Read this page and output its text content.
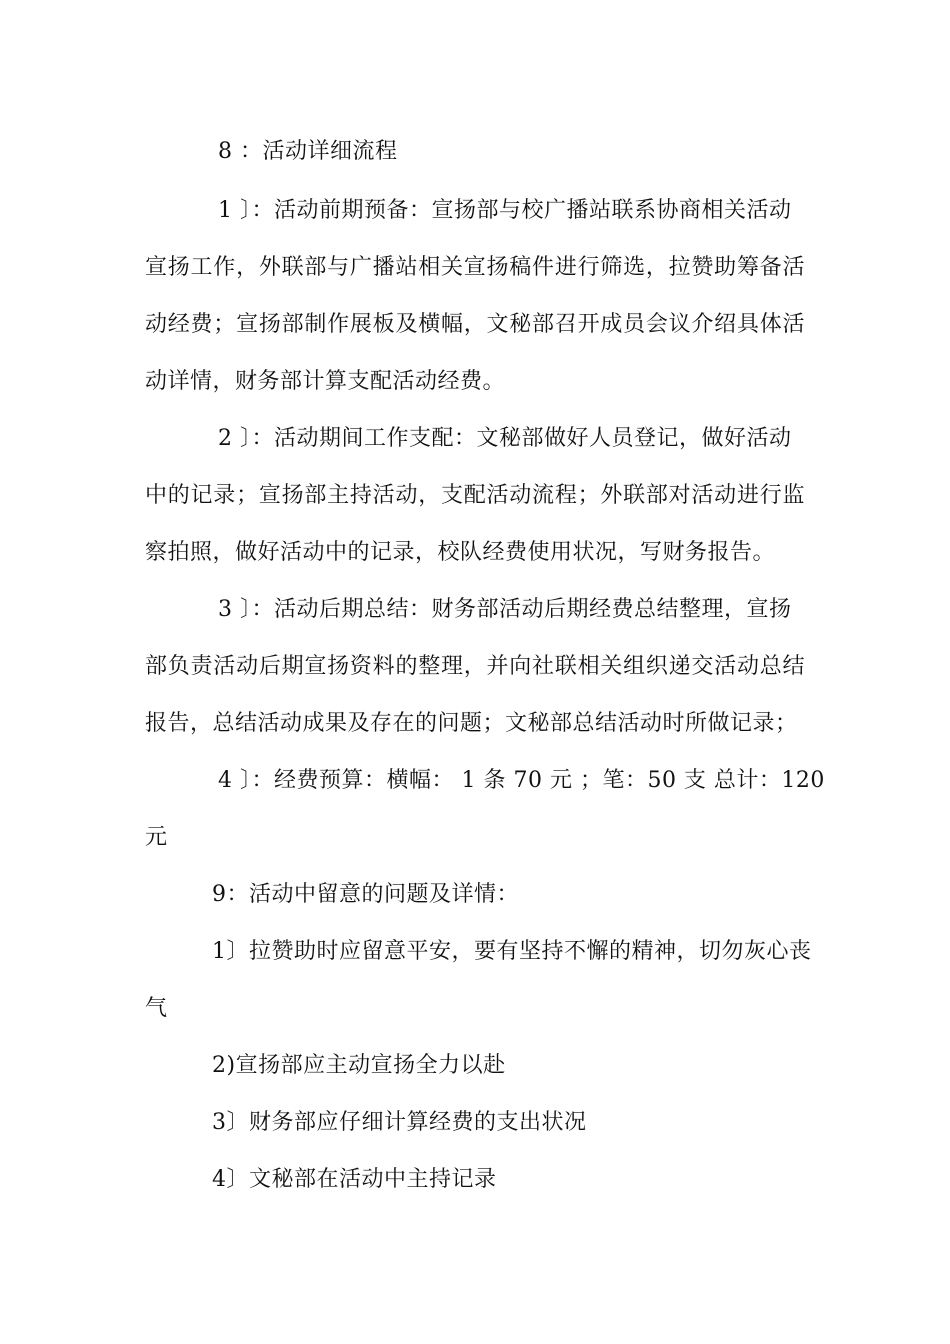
8 ：活动详细流程
1 〕：活动前期预备：宣扬部与校广播站联系协商相关活动
宣扬工作，外联部与广播站相关宣扬稿件进行筛选，拉赞助筹备活
动经费；宣扬部制作展板及横幅，文秘部召开成员会议介绍具体活
动详情，财务部计算支配活动经费。
2 〕：活动期间工作支配：文秘部做好人员登记，做好活动
中的记录；宣扬部主持活动，支配活动流程；外联部对活动进行监
察拍照，做好活动中的记录，校队经费使用状况，写财务报告。
3 〕：活动后期总结：财务部活动后期经费总结整理，宣扬
部负责活动后期宣扬资料的整理，并向社联相关组织递交活动总结
报告，总结活动成果及存在的问题；文秘部总结活动时所做记录；
4 〕：经费预算：横幅： 1 条 70 元 ；笔：50 支 总计：120
元
9：活动中留意的问题及详情：
1〕拉赞助时应留意平安，要有坚持不懈的精神，切勿灰心丧
气
2)宣扬部应主动宣扬全力以赴
3〕财务部应仔细计算经费的支出状况
4〕文秘部在活动中主持记录
